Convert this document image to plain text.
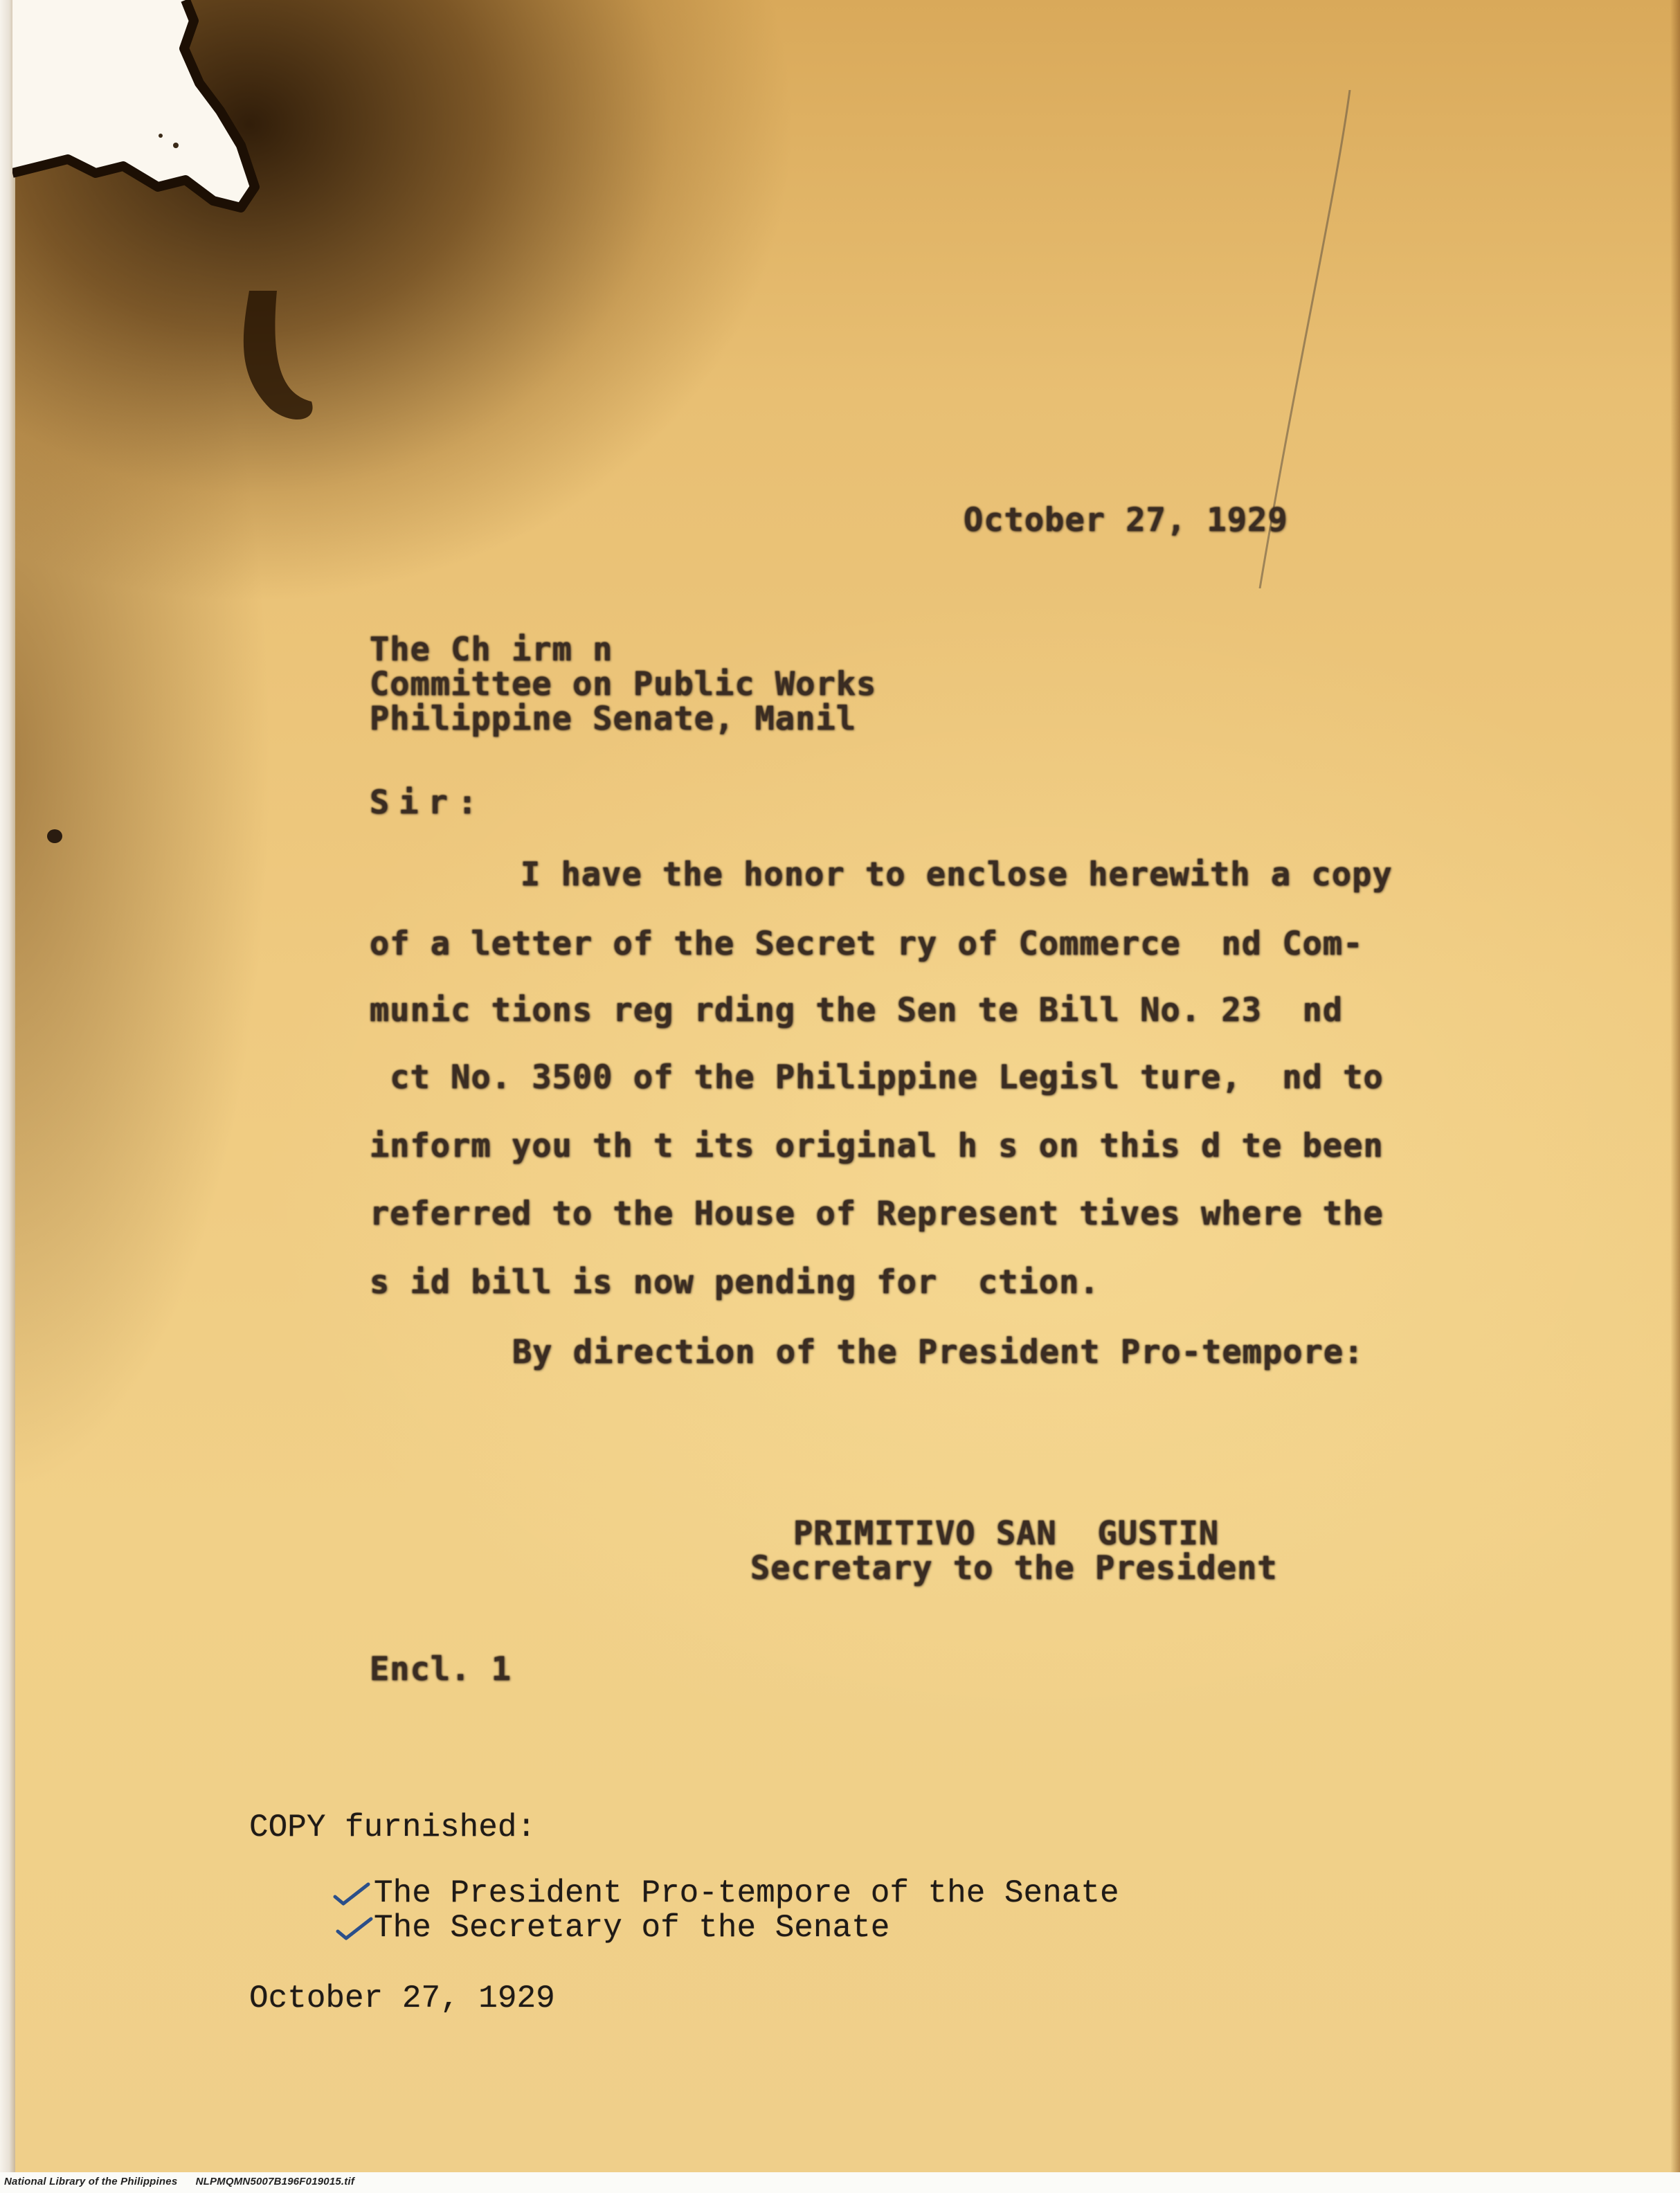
October 27, 1929
The Ch irm n
Committee on Public Works
Philippine Senate, Manil
Sir:
I have the honor to enclose herewith a copy
of a letter of the Secret ry of Commerce  nd Com-
munic tions reg rding the Sen te Bill No. 23  nd
ct No. 3500 of the Philippine Legisl ture,  nd to
inform you th t its original h s on this d te been
referred to the House of Represent tives where the
s id bill is now pending for  ction.
By direction of the President Pro-tempore:
PRIMITIVO SAN  GUSTIN
Secretary to the President
Encl. 1
COPY furnished:
The President Pro-tempore of the Senate
The Secretary of the Senate
October 27, 1929
National Library of the Philippines      NLPMQMN5007B196F019015.tif
